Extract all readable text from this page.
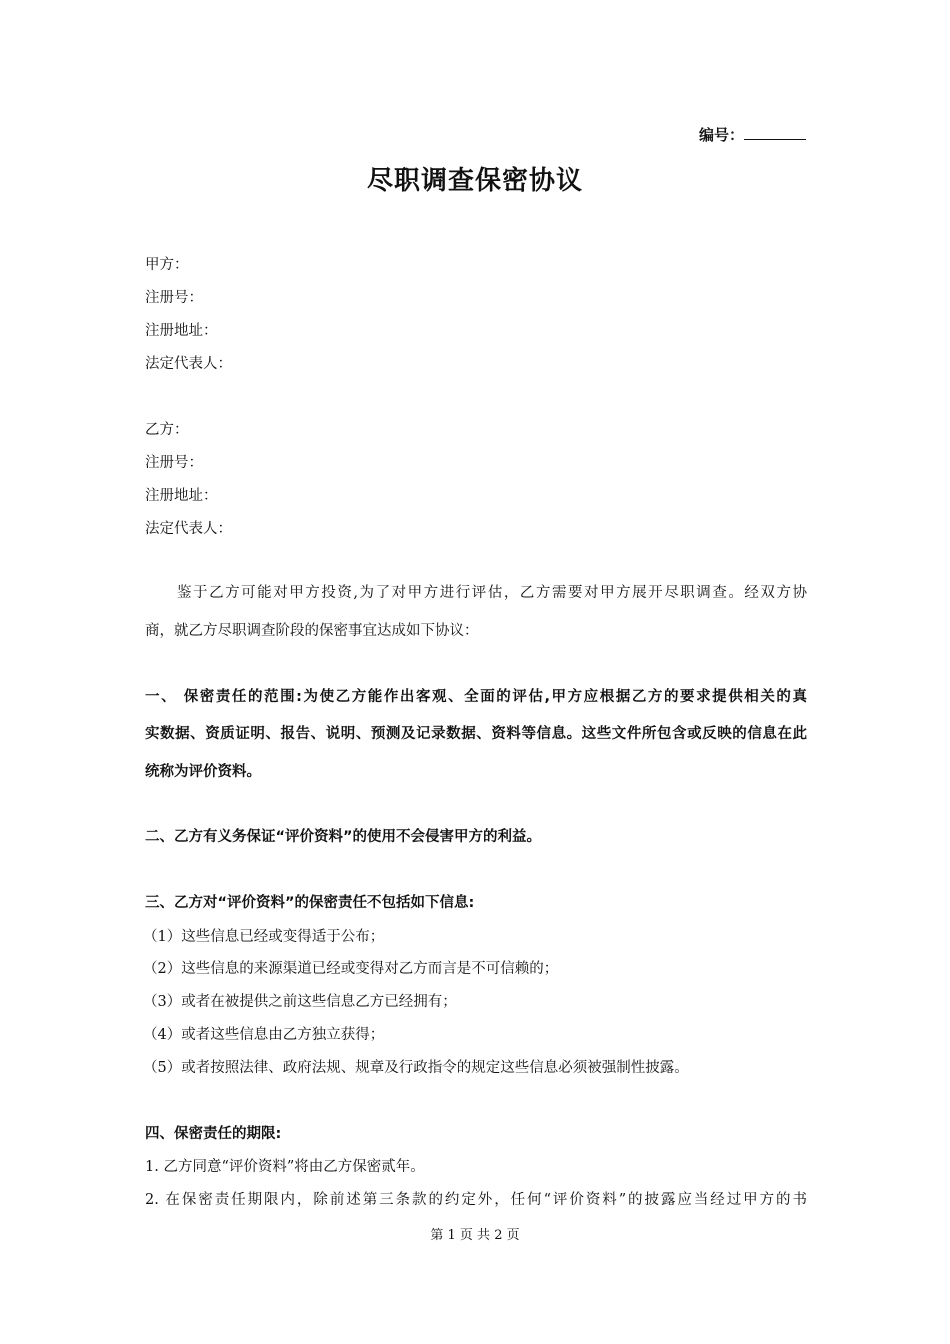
编号：
尽职调查保密协议
甲方：
注册号：
注册地址：
法定代表人：
乙方：
注册号：
注册地址：
法定代表人：
鉴于乙方可能对甲方投资,为了对甲方进行评估，乙方需要对甲方展开尽职调查。经双方协
商，就乙方尽职调查阶段的保密事宜达成如下协议：
一、 保密责任的范围:为使乙方能作出客观、全面的评估,甲方应根据乙方的要求提供相关的真
实数据、资质证明、报告、说明、预测及记录数据、资料等信息。这些文件所包含或反映的信息在此
统称为评价资料。
二、乙方有义务保证“评价资料”的使用不会侵害甲方的利益。
三、乙方对“评价资料”的保密责任不包括如下信息:
（1）这些信息已经或变得适于公布；
（2）这些信息的来源渠道已经或变得对乙方而言是不可信赖的；
（3）或者在被提供之前这些信息乙方已经拥有；
（4）或者这些信息由乙方独立获得；
（5）或者按照法律、政府法规、规章及行政指令的规定这些信息必须被强制性披露。
四、保密责任的期限:
1. 乙方同意“评价资料”将由乙方保密贰年。
2. 在保密责任期限内，除前述第三条款的约定外，任何“评价资料”的披露应当经过甲方的书
第 1 页 共 2 页
